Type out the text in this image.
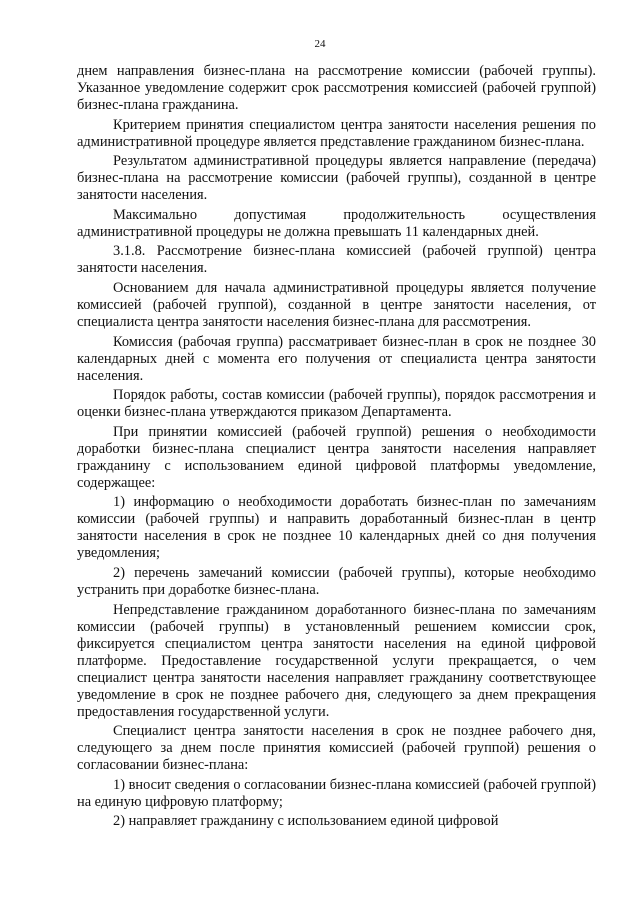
24

днем направления бизнес-плана на рассмотрение комиссии (рабочей группы). Указанное уведомление содержит срок рассмотрения комиссией (рабочей группой) бизнес-плана гражданина.

Критерием принятия специалистом центра занятости населения решения по административной процедуре является представление гражданином бизнес-плана.

Результатом административной процедуры является направление (передача) бизнес-плана на рассмотрение комиссии (рабочей группы), созданной в центре занятости населения.

Максимально допустимая продолжительность осуществления административной процедуры не должна превышать 11 календарных дней.

3.1.8. Рассмотрение бизнес-плана комиссией (рабочей группой) центра занятости населения.

Основанием для начала административной процедуры является получение комиссией (рабочей группой), созданной в центре занятости населения, от специалиста центра занятости населения бизнес-плана для рассмотрения.

Комиссия (рабочая группа) рассматривает бизнес-план в срок не позднее 30 календарных дней с момента его получения от специалиста центра занятости населения.

Порядок работы, состав комиссии (рабочей группы), порядок рассмотрения и оценки бизнес-плана утверждаются приказом Департамента.

При принятии комиссией (рабочей группой) решения о необходимости доработки бизнес-плана специалист центра занятости населения направляет гражданину с использованием единой цифровой платформы уведомление, содержащее:

1) информацию о необходимости доработать бизнес-план по замечаниям комиссии (рабочей группы) и направить доработанный бизнес-план в центр занятости населения в срок не позднее 10 календарных дней со дня получения уведомления;

2) перечень замечаний комиссии (рабочей группы), которые необходимо устранить при доработке бизнес-плана.

Непредставление гражданином доработанного бизнес-плана по замечаниям комиссии (рабочей группы) в установленный решением комиссии срок, фиксируется специалистом центра занятости населения на единой цифровой платформе. Предоставление государственной услуги прекращается, о чем специалист центра занятости населения направляет гражданину соответствующее уведомление в срок не позднее рабочего дня, следующего за днем прекращения предоставления государственной услуги.

Специалист центра занятости населения в срок не позднее рабочего дня, следующего за днем после принятия комиссией (рабочей группой) решения о согласовании бизнес-плана:

1) вносит сведения о согласовании бизнес-плана комиссией (рабочей группой) на единую цифровую платформу;

2) направляет гражданину с использованием единой цифровой
